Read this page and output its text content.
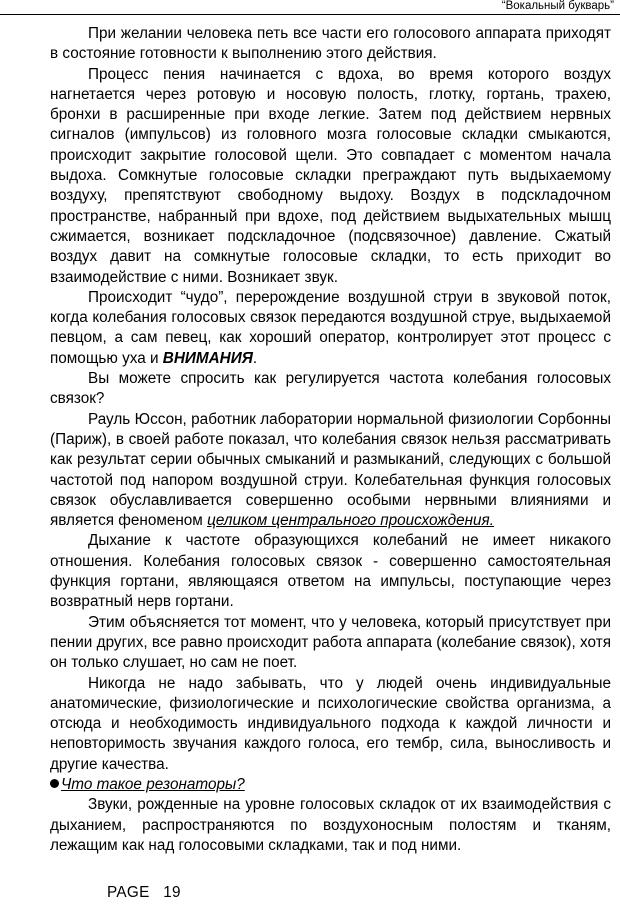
“Вокальный букварь”

При желании человека петь все части его голосового аппарата приходят в состояние готовности к выполнению этого действия.

Процесс пения начинается с вдоха, во время которого воздух нагнетается через ротовую и носовую полость, глотку, гортань, трахею, бронхи в расширенные при входе легкие. Затем под действием нервных сигналов (импульсов) из головного мозга голосовые складки смыкаются, происходит закрытие голосовой щели. Это совпадает с моментом начала выдоха. Сомкнутые голосовые складки преграждают путь выдыхаемому воздуху, препятствуют свободному выдоху. Воздух в подскладочном пространстве, набранный при вдохе, под действием выдыхательных мышц сжимается, возникает подскладочное (подсвязочное) давление. Сжатый воздух давит на сомкнутые голосовые складки, то есть приходит во взаимодействие с ними. Возникает звук.

Происходит “чудо”, перерождение воздушной струи в звуковой поток, когда колебания голосовых связок передаются воздушной струе, выдыхаемой певцом, а сам певец, как хороший оператор, контролирует этот процесс с помощью уха и ВНИМАНИЯ.

Вы можете спросить как регулируется частота колебания голосовых связок?

Рауль Юссон, работник лаборатории нормальной физиологии Сорбонны (Париж), в своей работе показал, что колебания связок нельзя рассматривать как результат серии обычных смыканий и размыканий, следующих с большой частотой под напором воздушной струи. Колебательная функция голосовых связок обуславливается совершенно особыми нервными влияниями и является феноменом целиком центрального происхождения.

Дыхание к частоте образующихся колебаний не имеет никакого отношения. Колебания голосовых связок - совершенно самостоятельная функция гортани, являющаяся ответом на импульсы, поступающие через возвратный нерв гортани.

Этим объясняется тот момент, что у человека, который присутствует при пении других, все равно происходит работа аппарата (колебание связок), хотя он только слушает, но сам не поет.

Никогда не надо забывать, что у людей очень индивидуальные анатомические, физиологические и психологические свойства организма, а отсюда и необходимость индивидуального подхода к каждой личности и неповторимость звучания каждого голоса, его тембр, сила, выносливость и другие качества.

Что такое резонаторы?

Звуки, рожденные на уровне голосовых складок от их взаимодействия с дыханием, распространяются по воздухоносным полостям и тканям, лежащим как над голосовыми складками, так и под ними.

PAGE 19
